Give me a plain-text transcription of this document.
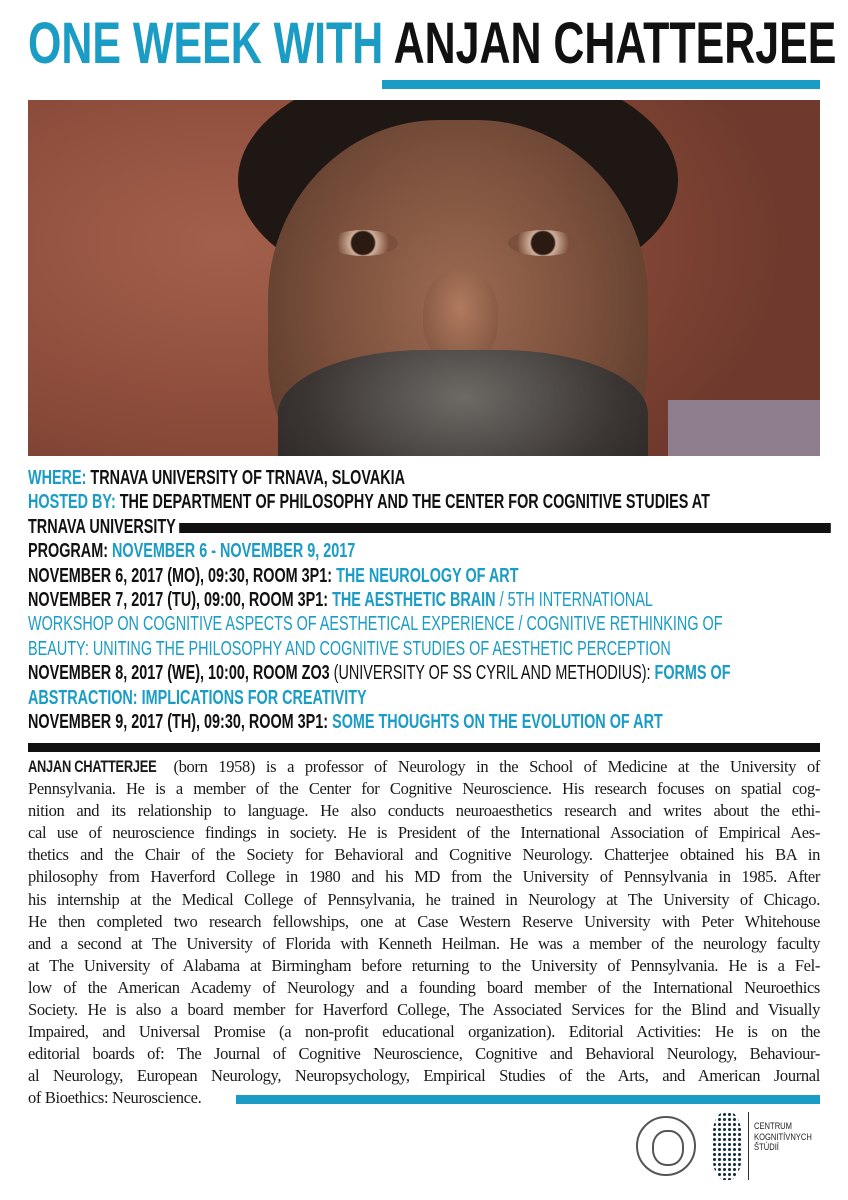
ONE WEEK WITH ANJAN CHATTERJEE
WHERE: TRNAVA UNIVERSITY OF TRNAVA, SLOVAKIA
HOSTED BY: THE DEPARTMENT OF PHILOSOPHY AND THE CENTER FOR COGNITIVE STUDIES AT
TRNAVA UNIVERSITY
PROGRAM: NOVEMBER 6 - NOVEMBER 9, 2017
NOVEMBER 6, 2017 (MO), 09:30, ROOM 3P1: THE NEUROLOGY OF ART
NOVEMBER 7, 2017 (TU), 09:00, ROOM 3P1: THE AESTHETIC BRAIN / 5TH INTERNATIONAL
WORKSHOP ON COGNITIVE ASPECTS OF AESTHETICAL EXPERIENCE / COGNITIVE RETHINKING OF
BEAUTY: UNITING THE PHILOSOPHY AND COGNITIVE STUDIES OF AESTHETIC PERCEPTION
NOVEMBER 8, 2017 (WE), 10:00, ROOM ZO3 (UNIVERSITY OF SS CYRIL AND METHODIUS): FORMS OF
ABSTRACTION: IMPLICATIONS FOR CREATIVITY
NOVEMBER 9, 2017 (TH), 09:30, ROOM 3P1: SOME THOUGHTS ON THE EVOLUTION OF ART
ANJAN CHATTERJEE (born 1958) is a professor of Neurology in the School of Medicine at the University of
Pennsylvania. He is a member of the Center for Cognitive Neuroscience. His research focuses on spatial cog-
nition and its relationship to language. He also conducts neuroaesthetics research and writes about the ethi-
cal use of neuroscience findings in society. He is President of the International Association of Empirical Aes-
thetics and the Chair of the Society for Behavioral and Cognitive Neurology. Chatterjee obtained his BA in
philosophy from Haverford College in 1980 and his MD from the University of Pennsylvania in 1985. After
his internship at the Medical College of Pennsylvania, he trained in Neurology at The University of Chicago.
He then completed two research fellowships, one at Case Western Reserve University with Peter Whitehouse
and a second at The University of Florida with Kenneth Heilman. He was a member of the neurology faculty
at The University of Alabama at Birmingham before returning to the University of Pennsylvania. He is a Fel-
low of the American Academy of Neurology and a founding board member of the International Neuroethics
Society. He is also a board member for Haverford College, The Associated Services for the Blind and Visually
Impaired, and Universal Promise (a non-profit educational organization). Editorial Activities: He is on the
editorial boards of: The Journal of Cognitive Neuroscience, Cognitive and Behavioral Neurology, Behaviour-
al Neurology, European Neurology, Neuropsychology, Empirical Studies of the Arts, and American Journal
of Bioethics: Neuroscience.
CENTRUM
KOGNITÍVNYCH
ŠTÚDIÍ
